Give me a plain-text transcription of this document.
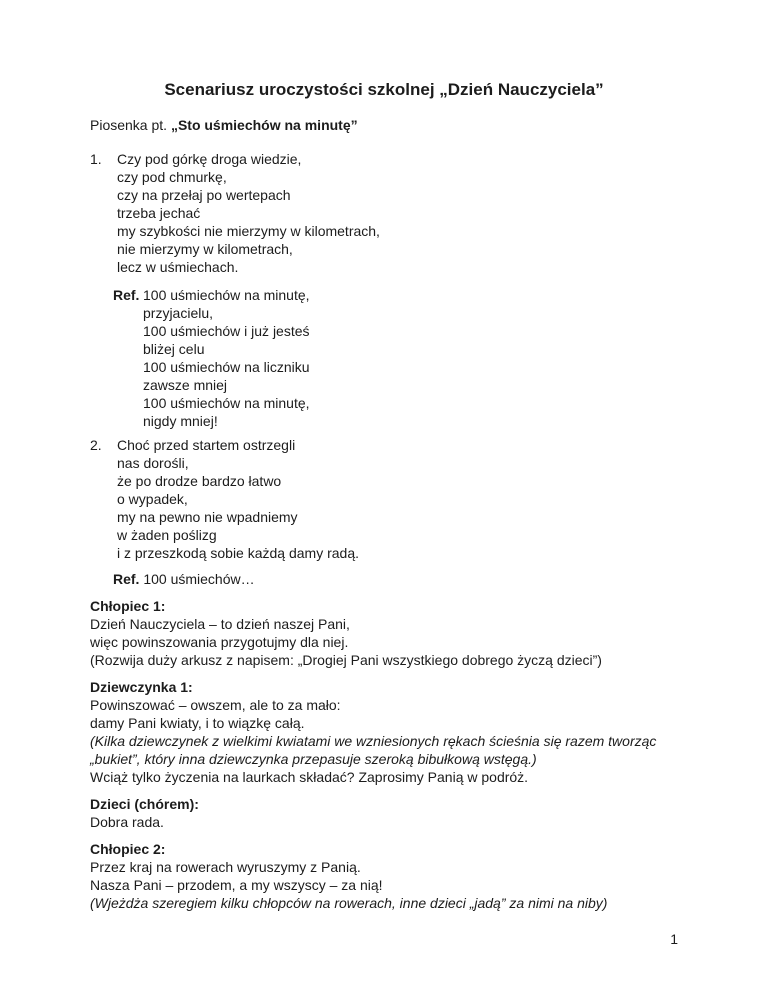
Scenariusz uroczystości szkolnej „Dzień Nauczyciela”

Piosenka pt. „Sto uśmiechów na minutę”

1. Czy pod górkę droga wiedzie,
czy pod chmurkę,
czy na przełaj po wertepach
trzeba jechać
my szybkości nie mierzymy w kilometrach,
nie mierzymy w kilometrach,
lecz w uśmiechach.
Ref. 100 uśmiechów na minutę,
przyjacielu,
100 uśmiechów i już jesteś
bliżej celu
100 uśmiechów na liczniku
zawsze mniej
100 uśmiechów na minutę,
nigdy mniej!
2. Choć przed startem ostrzegli
nas dorośli,
że po drodze bardzo łatwo
o wypadek,
my na pewno nie wpadniemy
w żaden poślizg
i z przeszkodą sobie każdą damy radą.

Ref. 100 uśmiechów…

Chłopiec 1:
Dzień Nauczyciela – to dzień naszej Pani,
więc powinszowania przygotujmy dla niej.
(Rozwija duży arkusz z napisem: „Drogiej Pani wszystkiego dobrego życzą dzieci”)
Dziewczynka 1:
Powinszować – owszem, ale to za mało:
damy Pani kwiaty, i to wiązkę całą.
(Kilka dziewczynek z wielkimi kwiatami we wzniesionych rękach ścieśnia się razem tworząc „bukiet”, który inna dziewczynka przepasuje szeroką bibułkową wstęgą.)
Wciąż tylko życzenia na laurkach składać? Zaprosimy Panią w podróż.
Dzieci (chórem):
Dobra rada.
Chłopiec 2:
Przez kraj na rowerach wyruszymy z Panią.
Nasza Pani – przodem, a my wszyscy – za nią!
(Wjeżdża szeregiem kilku chłopców na rowerach, inne dzieci „jadą” za nimi na niby)
1
